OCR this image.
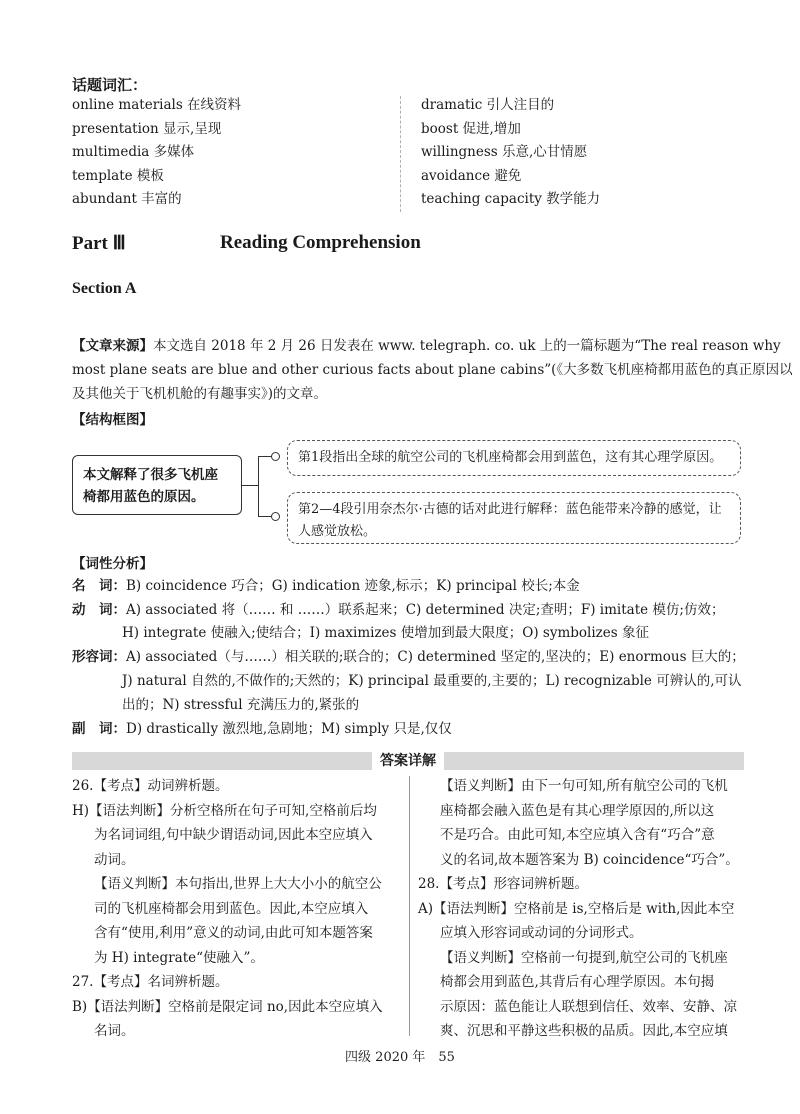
话题词汇：
online materials 在线资料
presentation 显示,呈现
multimedia 多媒体
template 模板
abundant 丰富的
dramatic 引人注目的
boost 促进,增加
willingness 乐意,心甘情愿
avoidance 避免
teaching capacity 教学能力
Part Ⅲ	Reading Comprehension
Section A
【文章来源】本文选自 2018 年 2 月 26 日发表在 www. telegraph. co. uk 上的一篇标题为“The real reason why
most plane seats are blue and other curious facts about plane cabins”(《大多数飞机座椅都用蓝色的真正原因以
及其他关于飞机机舱的有趣事实》)的文章。
【结构框图】
本文解释了很多飞机座椅都用蓝色的原因。
第1段指出全球的航空公司的飞机座椅都会用到蓝色，这有其心理学原因。
第2—4段引用奈杰尔·古德的话对此进行解释：蓝色能带来冷静的感觉，让人感觉放松。
【词性分析】
名　词：B) coincidence 巧合；G) indication 迹象,标示；K) principal 校长;本金
动　词：A) associated 将（…… 和 ……）联系起来；C) determined 决定;查明；F) imitate 模仿;仿效；
H) integrate 使融入;使结合；I) maximizes 使增加到最大限度；O) symbolizes 象征
形容词：A) associated（与……）相关联的;联合的；C) determined 坚定的,坚决的；E) enormous 巨大的；
J) natural 自然的,不做作的;天然的；K) principal 最重要的,主要的；L) recognizable 可辨认的,可认
出的；N) stressful 充满压力的,紧张的
副　词：D) drastically 激烈地,急剧地；M) simply 只是,仅仅
答案详解
26.【考点】动词辨析题。
H)【语法判断】分析空格所在句子可知,空格前后均
为名词词组,句中缺少谓语动词,因此本空应填入
动词。
【语义判断】本句指出,世界上大大小小的航空公
司的飞机座椅都会用到蓝色。因此,本空应填入
含有“使用,利用”意义的动词,由此可知本题答案
为 H) integrate“使融入”。
27.【考点】名词辨析题。
B)【语法判断】空格前是限定词 no,因此本空应填入
名词。
【语义判断】由下一句可知,所有航空公司的飞机
座椅都会融入蓝色是有其心理学原因的,所以这
不是巧合。由此可知,本空应填入含有“巧合”意
义的名词,故本题答案为 B) coincidence“巧合”。
28.【考点】形容词辨析题。
A)【语法判断】空格前是 is,空格后是 with,因此本空
应填入形容词或动词的分词形式。
【语义判断】空格前一句提到,航空公司的飞机座
椅都会用到蓝色,其背后有心理学原因。本句揭
示原因：蓝色能让人联想到信任、效率、安静、凉
爽、沉思和平静这些积极的品质。因此,本空应填
四级 2020 年　55
